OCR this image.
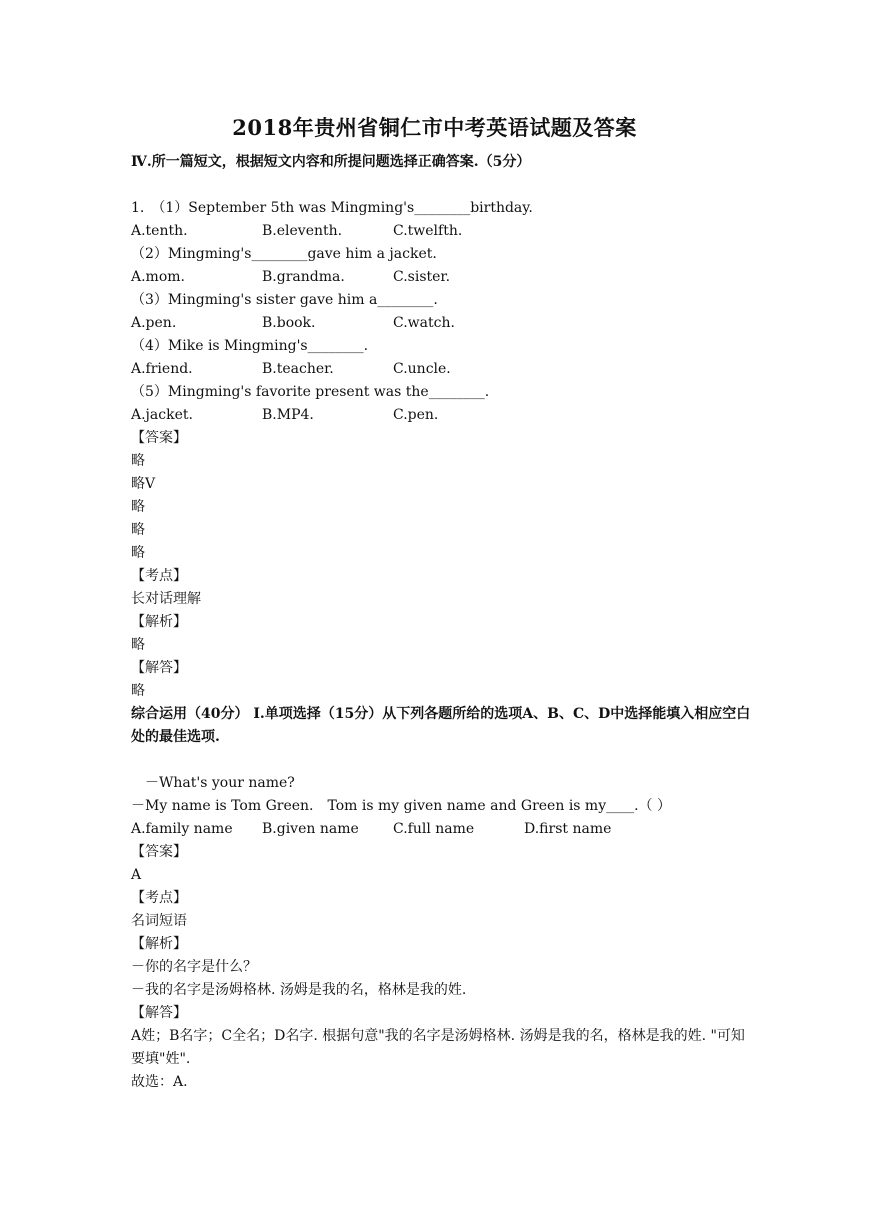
2018年贵州省铜仁市中考英语试题及答案
Ⅳ.所一篇短文，根据短文内容和所提问题选择正确答案.（5分）
1.　（1）September 5th was Mingming's________birthday.
A.tenth.	B.eleventh.	C.twelfth.
（2）Mingming's________gave him a jacket.
A.mom.	B.grandma.	C.sister.
（3）Mingming's sister gave him a________.
A.pen.	B.book.	C.watch.
（4）Mike is Mingming's________.
A.friend.	B.teacher.	C.uncle.
（5）Mingming's favorite present was the________.
A.jacket.	B.MP4.	C.pen.
【答案】
略
略V
略
略
略
【考点】
长对话理解
【解析】
略
【解答】
略
综合运用（40分） I.单项选择（15分）从下列各题所给的选项A、B、C、D中选择能填入相应空白处的最佳选项.
－What's your name?
－My name is Tom Green.　Tom is my given name and Green is my____.（ ）
A.family name	B.given name	C.full name	D.first name
【答案】
A
【考点】
名词短语
【解析】
－你的名字是什么？
－我的名字是汤姆格林. 汤姆是我的名，格林是我的姓.
【解答】
A姓；B名字；C全名；D名字. 根据句意"我的名字是汤姆格林. 汤姆是我的名，格林是我的姓. "可知要填"姓".
故选：A.
